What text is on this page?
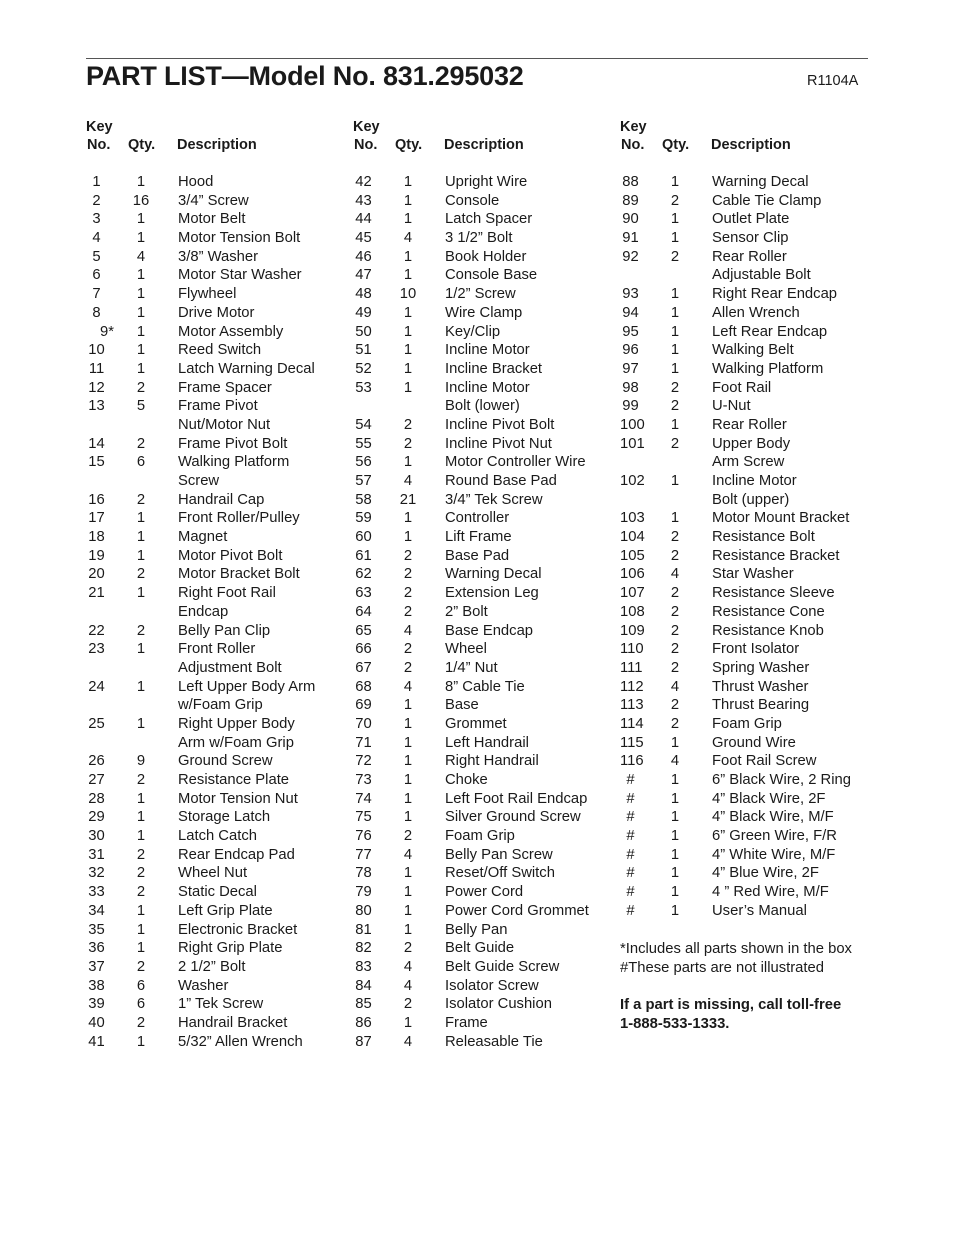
PART LIST—Model No. 831.295032	R1104A
Key
No. Qty. Description
1	1	Hood
2	16 3/4” Screw
3	1	Motor Belt
4	1	Motor Tension Bolt
5	4	3/8” Washer
6	1	Motor Star Washer
7	1	Flywheel
8	1	Drive Motor
9*	1	Motor Assembly
10	1	Reed Switch
11	1	Latch Warning Decal
12	2	Frame Spacer
13	5	Frame Pivot
Nut/Motor Nut
14	2	Frame Pivot Bolt
15	6	Walking Platform
Screw
16	2	Handrail Cap
17	1	Front Roller/Pulley
18	1	Magnet
19	1	Motor Pivot Bolt
20	2	Motor Bracket Bolt
21	1	Right Foot Rail
Endcap
22	2	Belly Pan Clip
23	1	Front Roller
Adjustment Bolt
24	1	Left Upper Body Arm
w/Foam Grip
25	1	Right Upper Body
Arm w/Foam Grip
26	9	Ground Screw
27	2	Resistance Plate
28	1	Motor Tension Nut
29	1	Storage Latch
30	1	Latch Catch
31	2	Rear Endcap Pad
32	2	Wheel Nut
33	2	Static Decal
34	1	Left Grip Plate
35	1	Electronic Bracket
36	1	Right Grip Plate
37	2	2 1/2” Bolt
38	6	Washer
39	6	1” Tek Screw
40	2	Handrail Bracket
41	1	5/32” Allen Wrench
Key
No. Qty. Description
42	1	Upright Wire
43	1	Console
44	1	Latch Spacer
45	4	3 1/2” Bolt
46	1	Book Holder
47	1	Console Base
48 10 1/2” Screw
49	1	Wire Clamp
50	1	Key/Clip
51	1	Incline Motor
52	1	Incline Bracket
53	1	Incline Motor
Bolt (lower)
54	2	Incline Pivot Bolt
55	2	Incline Pivot Nut
56	1	Motor Controller Wire
57	4	Round Base Pad
58 21 3/4” Tek Screw
59	1	Controller
60	1	Lift Frame
61	2	Base Pad
62	2	Warning Decal
63	2	Extension Leg
64	2	2” Bolt
65	4	Base Endcap
66	2	Wheel
67	2	1/4” Nut
68	4	8” Cable Tie
69	1	Base
70	1	Grommet
71	1	Left Handrail
72	1	Right Handrail
73	1	Choke
74	1	Left Foot Rail Endcap
75	1	Silver Ground Screw
76	2	Foam Grip
77	4	Belly Pan Screw
78	1	Reset/Off Switch
79	1	Power Cord
80	1	Power Cord Grommet
81	1	Belly Pan
82	2	Belt Guide
83	4	Belt Guide Screw
84	4	Isolator Screw
85	2	Isolator Cushion
86	1	Frame
87	4	Releasable Tie
Key
No. Qty. Description
88	1	Warning Decal
89	2	Cable Tie Clamp
90	1	Outlet Plate
91	1	Sensor Clip
92	2	Rear Roller
Adjustable Bolt
93	1	Right Rear Endcap
94	1	Allen Wrench
95	1	Left Rear Endcap
96	1	Walking Belt
97	1	Walking Platform
98	2	Foot Rail
99	2	U-Nut
100	1	Rear Roller
101	2	Upper Body
Arm Screw
102	1	Incline Motor
Bolt (upper)
103	1	Motor Mount Bracket
104	2	Resistance Bolt
105	2	Resistance Bracket
106	4	Star Washer
107	2	Resistance Sleeve
108	2	Resistance Cone
109	2	Resistance Knob
110	2	Front Isolator
111	2	Spring Washer
112	4	Thrust Washer
113	2	Thrust Bearing
114	2	Foam Grip
115	1	Ground Wire
116	4	Foot Rail Screw
#	1	6” Black Wire, 2 Ring
#	1	4” Black Wire, 2F
#	1	4” Black Wire, M/F
#	1	6” Green Wire, F/R
#	1	4” White Wire, M/F
#	1	4” Blue Wire, 2F
#	1	4 ” Red Wire, M/F
#	1	User’s Manual
*Includes all parts shown in the box
#These parts are not illustrated
If a part is missing, call toll-free
1-888-533-1333.
